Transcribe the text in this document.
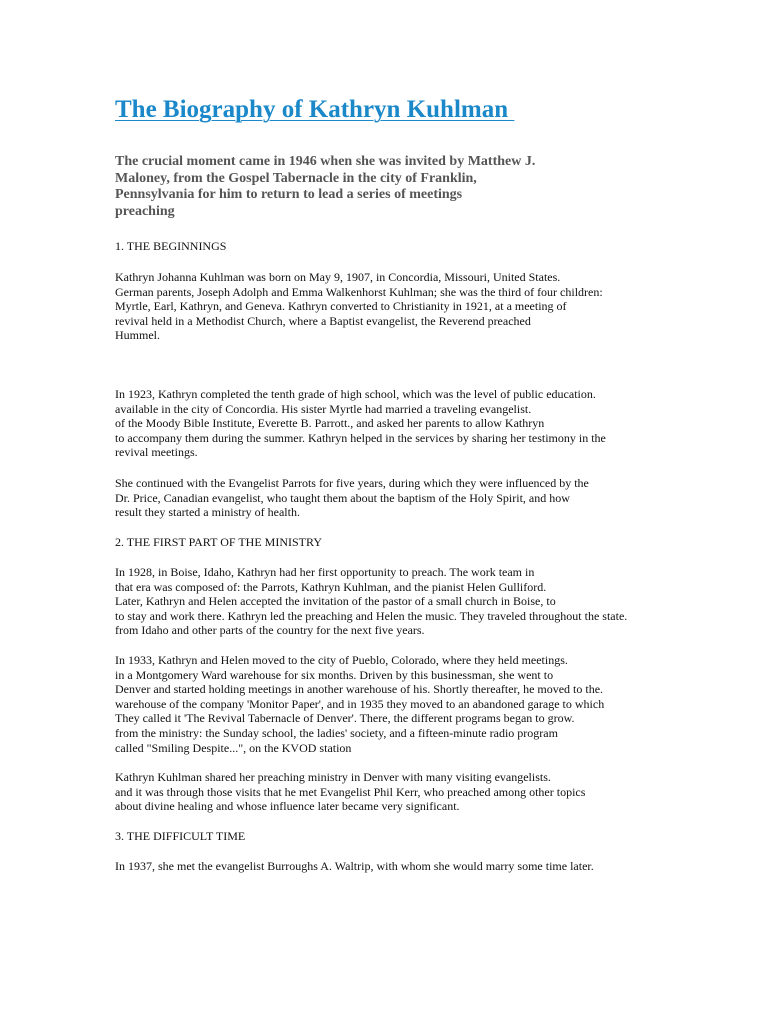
The Biography of Kathryn Kuhlman
The crucial moment came in 1946 when she was invited by Matthew J.
Maloney, from the Gospel Tabernacle in the city of Franklin,
Pennsylvania for him to return to lead a series of meetings
preaching
1. THE BEGINNINGS
Kathryn Johanna Kuhlman was born on May 9, 1907, in Concordia, Missouri, United States.
German parents, Joseph Adolph and Emma Walkenhorst Kuhlman; she was the third of four children:
Myrtle, Earl, Kathryn, and Geneva. Kathryn converted to Christianity in 1921, at a meeting of
revival held in a Methodist Church, where a Baptist evangelist, the Reverend preached
Hummel.
In 1923, Kathryn completed the tenth grade of high school, which was the level of public education.
available in the city of Concordia. His sister Myrtle had married a traveling evangelist.
of the Moody Bible Institute, Everette B. Parrott., and asked her parents to allow Kathryn
to accompany them during the summer. Kathryn helped in the services by sharing her testimony in the
revival meetings.
She continued with the Evangelist Parrots for five years, during which they were influenced by the
Dr. Price, Canadian evangelist, who taught them about the baptism of the Holy Spirit, and how
result they started a ministry of health.
2. THE FIRST PART OF THE MINISTRY
In 1928, in Boise, Idaho, Kathryn had her first opportunity to preach. The work team in
that era was composed of: the Parrots, Kathryn Kuhlman, and the pianist Helen Gulliford.
Later, Kathryn and Helen accepted the invitation of the pastor of a small church in Boise, to
to stay and work there. Kathryn led the preaching and Helen the music. They traveled throughout the state.
from Idaho and other parts of the country for the next five years.
In 1933, Kathryn and Helen moved to the city of Pueblo, Colorado, where they held meetings.
in a Montgomery Ward warehouse for six months. Driven by this businessman, she went to
Denver and started holding meetings in another warehouse of his. Shortly thereafter, he moved to the.
warehouse of the company 'Monitor Paper', and in 1935 they moved to an abandoned garage to which
They called it 'The Revival Tabernacle of Denver'. There, the different programs began to grow.
from the ministry: the Sunday school, the ladies' society, and a fifteen-minute radio program
called "Smiling Despite...", on the KVOD station
Kathryn Kuhlman shared her preaching ministry in Denver with many visiting evangelists.
and it was through those visits that he met Evangelist Phil Kerr, who preached among other topics
about divine healing and whose influence later became very significant.
3. THE DIFFICULT TIME
In 1937, she met the evangelist Burroughs A. Waltrip, with whom she would marry some time later.
